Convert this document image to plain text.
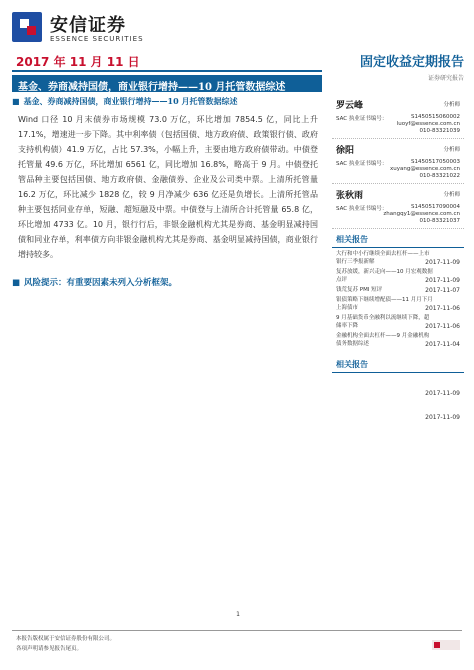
安信证券
ESSENCE SECURITIES
2017 年 11 月 11 日	固定收益定期报告
证券研究报告
基金、券商减持国债，商业银行增持——10 月托管数据综述
■ 基金、券商减持国债，商业银行增持——10 月托管数据综述
Wind 口径 10 月末债券市场规模 73.0 万亿，环比增加 7854.5 亿，同比上升 17.1%，增速进一步下降。其中利率债（包括国债、地方政府债、政策银行债、政府支持机构债）41.9 万亿，占比 57.3%，小幅上升，主要由地方政府债带动。中债登托管量 49.6 万亿，环比增加 6561 亿，同比增加 16.8%，略高于 9 月。中债登托管品种主要包括国债、地方政府债、金融债券、企业及公司类中票。上清所托管量 16.2 万亿，环比减少 1828 亿，较 9 月净减少 636 亿还是负增长。上清所托管品种主要包括同业存单，短融、超短融及中票。中债登与上清所合计托管量 65.8 亿，环比增加 4733 亿。10 月，银行行后，非银金融机构尤其是券商、基金明显减持国债和同业存单，利率债方向非银金融机构尤其是券商、基金明显减持国债，商业银行增持较多。
■ 风险提示：有重要因素未列入分析框架。
罗云峰	分析师
SAC 执业证书编号：	S1450515060002
luoyf@essence.com.cn
010-83321039
徐阳	分析师
SAC 执业证书编号：	S1450517050003
xuyang@essence.com.cn
010-83321022
张秋雨	分析师
SAC 执业证书编号：	S1450517090004
zhangqy1@essence.com.cn
010-83321037
相关报告
大行和中小行继续全面去杠杆——上市银行三季报新解	2017-11-09
复苏放缓，新兴走向——10 月宏观数据点评	2017-11-09
钱荒复苏 PMI 短评	2017-11-07
银债策略下继续增配债——11 月月下月上海债市	2017-11-06
9 月基础货币全融利以流继续下降，超储率下降	2017-11-06
金融机构全面去杠杆——9 月金融机构债务数据综述	2017-11-04
相关报告
2017-11-09
2017-11-09
1
本报告版权属于安信证券股份有限公司。
各项声明请参见报告尾页。
